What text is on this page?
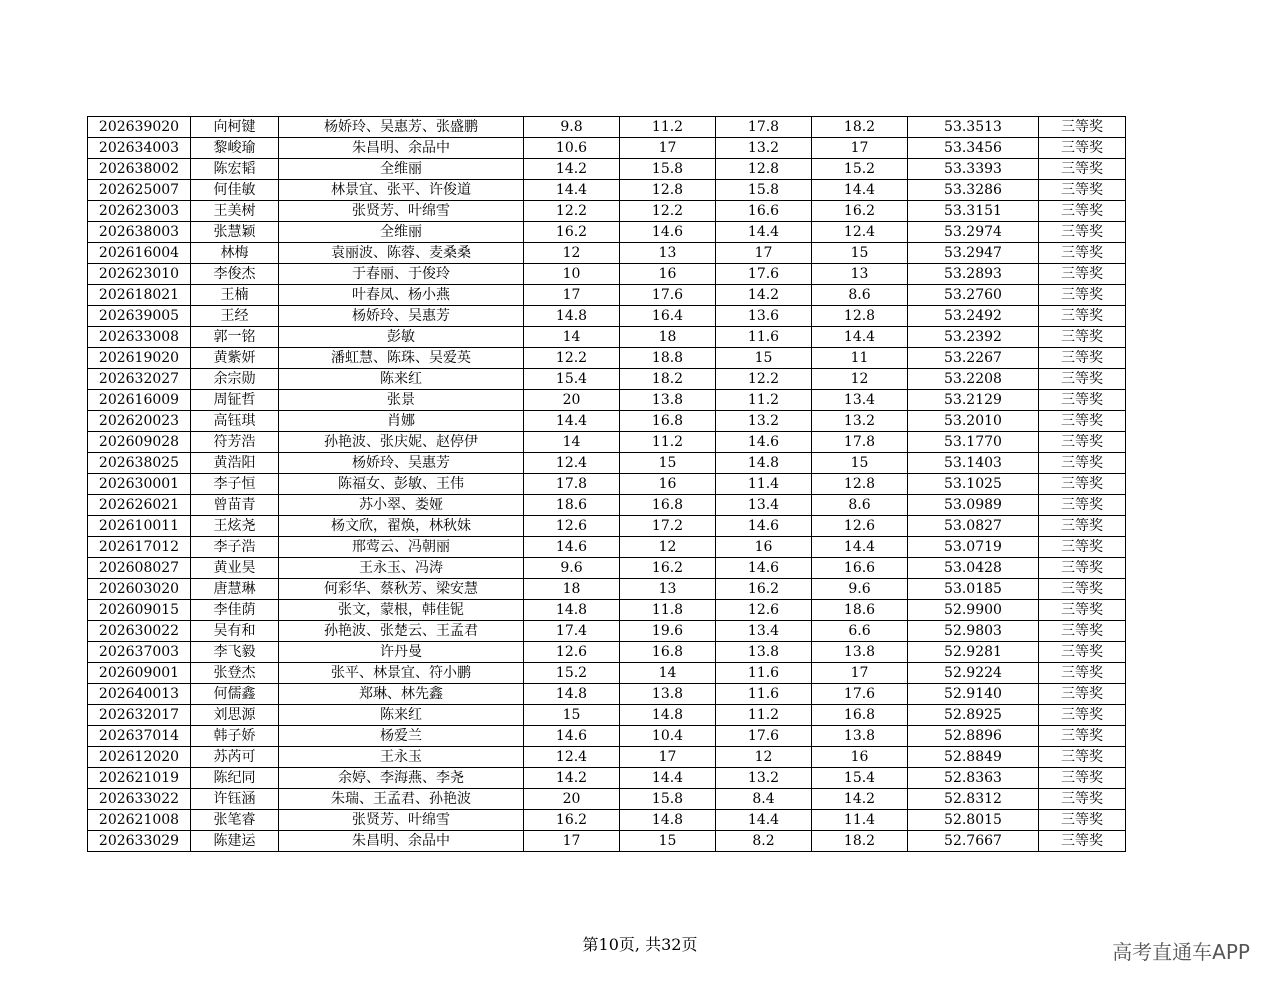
202639020	向柯键	杨娇玲、吴惠芳、张盛鹏	9.8	11.2	17.8	18.2	53.3513	三等奖
202634003	黎峻瑜	朱昌明、余品中	10.6	17	13.2	17	53.3456	三等奖
202638002	陈宏韬	全维丽	14.2	15.8	12.8	15.2	53.3393	三等奖
202625007	何佳敏	林景宜、张平、许俊道	14.4	12.8	15.8	14.4	53.3286	三等奖
202623003	王美树	张贤芳、叶绵雪	12.2	12.2	16.6	16.2	53.3151	三等奖
202638003	张慧颖	全维丽	16.2	14.6	14.4	12.4	53.2974	三等奖
202616004	林梅	袁丽波、陈蓉、麦桑桑	12	13	17	15	53.2947	三等奖
202623010	李俊杰	于春丽、于俊玲	10	16	17.6	13	53.2893	三等奖
202618021	王楠	叶春凤、杨小燕	17	17.6	14.2	8.6	53.2760	三等奖
202639005	王经	杨娇玲、吴惠芳	14.8	16.4	13.6	12.8	53.2492	三等奖
202633008	郭一铭	彭敏	14	18	11.6	14.4	53.2392	三等奖
202619020	黄紫妍	潘虹慧、陈珠、吴爱英	12.2	18.8	15	11	53.2267	三等奖
202632027	余宗勋	陈来红	15.4	18.2	12.2	12	53.2208	三等奖
202616009	周钲哲	张景	20	13.8	11.2	13.4	53.2129	三等奖
202620023	高钰琪	肖娜	14.4	16.8	13.2	13.2	53.2010	三等奖
202609028	符芳浩	孙艳波、张庆妮、赵停伊	14	11.2	14.6	17.8	53.1770	三等奖
202638025	黄浩阳	杨娇玲、吴惠芳	12.4	15	14.8	15	53.1403	三等奖
202630001	李子恒	陈福女、彭敏、王伟	17.8	16	11.4	12.8	53.1025	三等奖
202626021	曾苗青	苏小翠、娄娅	18.6	16.8	13.4	8.6	53.0989	三等奖
202610011	王炫尧	杨文欣，翟焕，林秋妹	12.6	17.2	14.6	12.6	53.0827	三等奖
202617012	李子浩	邢莺云、冯朝丽	14.6	12	16	14.4	53.0719	三等奖
202608027	黄业昊	王永玉、冯涛	9.6	16.2	14.6	16.6	53.0428	三等奖
202603020	唐慧琳	何彩华、蔡秋芳、梁安慧	18	13	16.2	9.6	53.0185	三等奖
202609015	李佳荫	张文，蒙根，韩佳铌	14.8	11.8	12.6	18.6	52.9900	三等奖
202630022	吴有和	孙艳波、张楚云、王孟君	17.4	19.6	13.4	6.6	52.9803	三等奖
202637003	李飞毅	许丹曼	12.6	16.8	13.8	13.8	52.9281	三等奖
202609001	张登杰	张平、林景宜、符小鹏	15.2	14	11.6	17	52.9224	三等奖
202640013	何儒鑫	郑琳、林先鑫	14.8	13.8	11.6	17.6	52.9140	三等奖
202632017	刘思源	陈来红	15	14.8	11.2	16.8	52.8925	三等奖
202637014	韩子娇	杨爱兰	14.6	10.4	17.6	13.8	52.8896	三等奖
202612020	苏芮可	王永玉	12.4	17	12	16	52.8849	三等奖
202621019	陈纪同	余婷、李海燕、李尧	14.2	14.4	13.2	15.4	52.8363	三等奖
202633022	许钰涵	朱瑞、王孟君、孙艳波	20	15.8	8.4	14.2	52.8312	三等奖
202621008	张笔睿	张贤芳、叶绵雪	16.2	14.8	14.4	11.4	52.8015	三等奖
202633029	陈建运	朱昌明、余品中	17	15	8.2	18.2	52.7667	三等奖
第10页, 共32页	高考直通车APP
